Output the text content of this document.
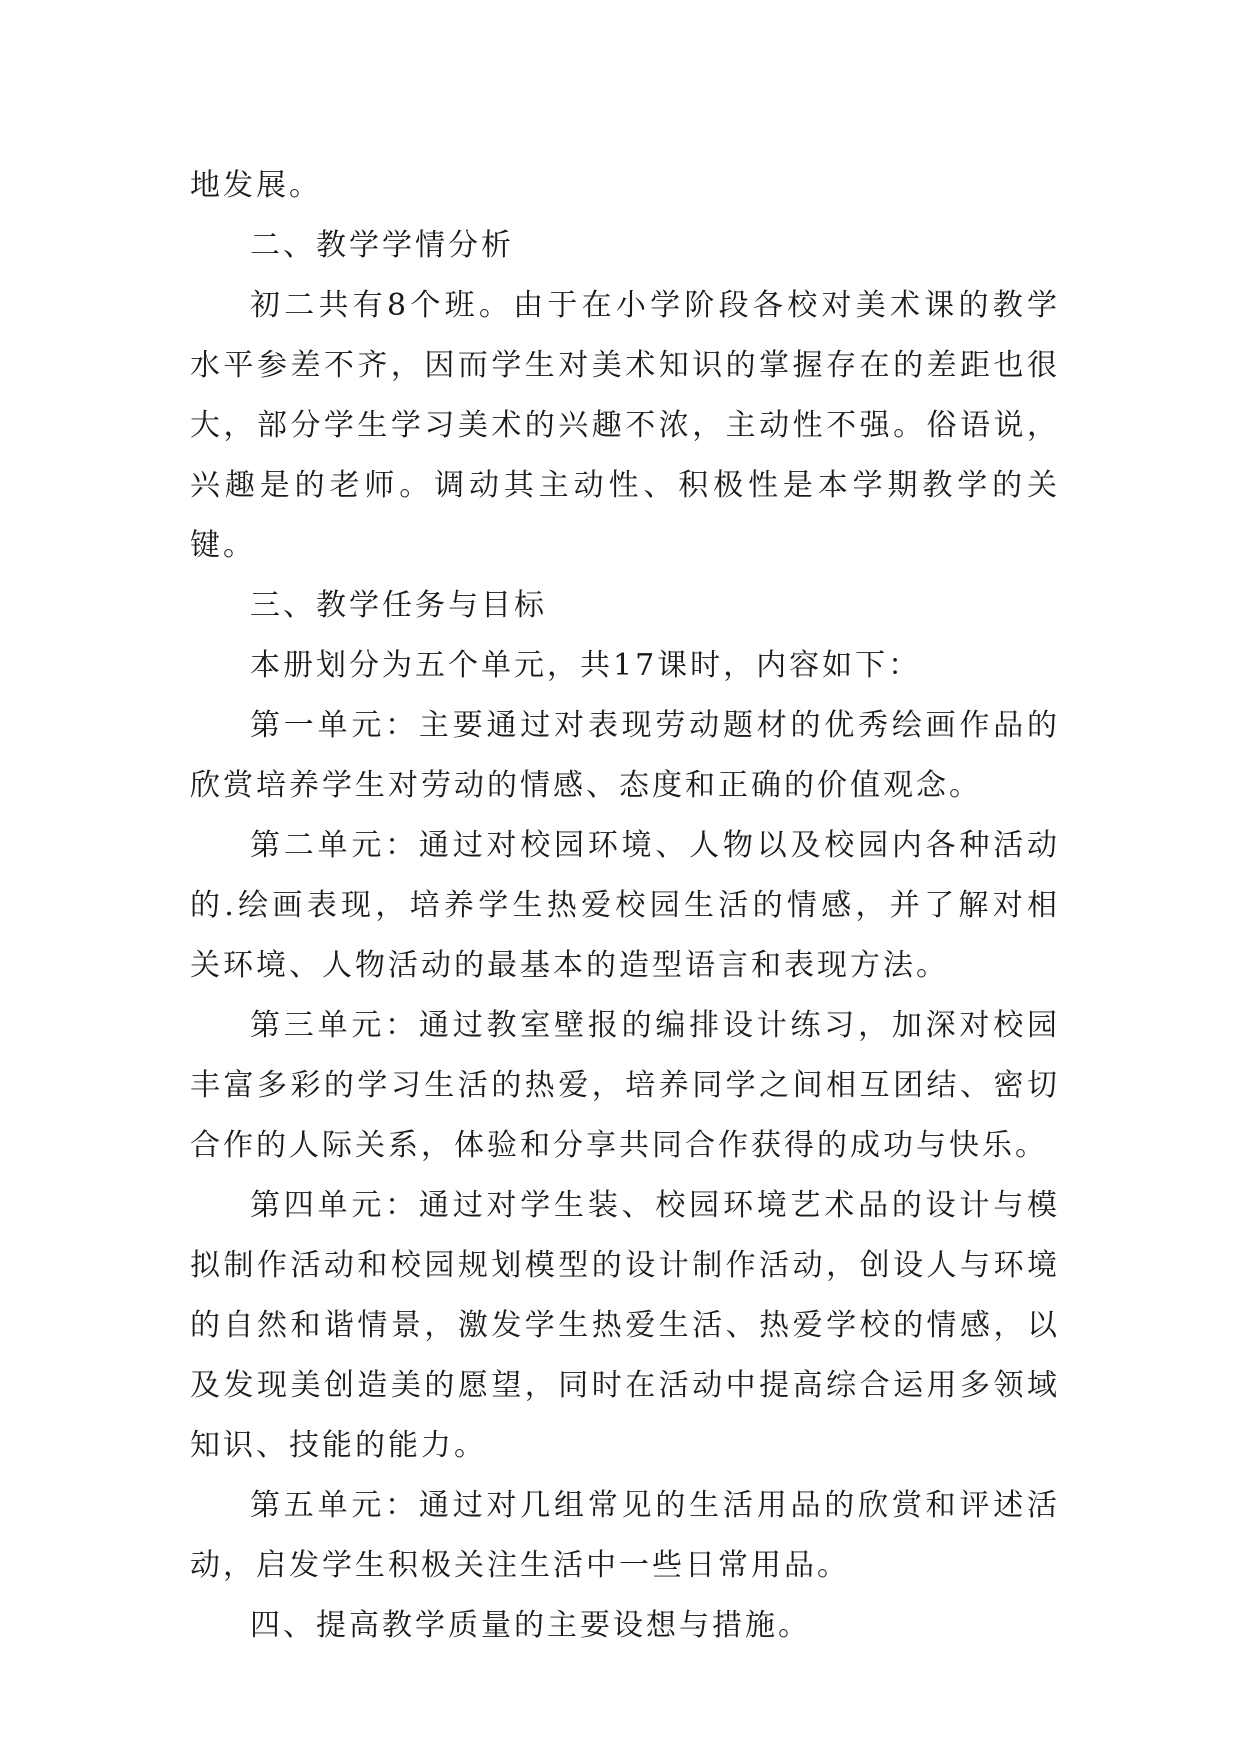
地发展。

二、教学学情分析

初二共有8个班。由于在小学阶段各校对美术课的教学水平参差不齐，因而学生对美术知识的掌握存在的差距也很大，部分学生学习美术的兴趣不浓，主动性不强。俗语说，兴趣是的老师。调动其主动性、积极性是本学期教学的关键。

三、教学任务与目标

本册划分为五个单元，共17课时，内容如下：

第一单元：主要通过对表现劳动题材的优秀绘画作品的欣赏培养学生对劳动的情感、态度和正确的价值观念。

第二单元：通过对校园环境、人物以及校园内各种活动的.绘画表现，培养学生热爱校园生活的情感，并了解对相关环境、人物活动的最基本的造型语言和表现方法。

第三单元：通过教室壁报的编排设计练习，加深对校园丰富多彩的学习生活的热爱，培养同学之间相互团结、密切合作的人际关系，体验和分享共同合作获得的成功与快乐。

第四单元：通过对学生装、校园环境艺术品的设计与模拟制作活动和校园规划模型的设计制作活动，创设人与环境的自然和谐情景，激发学生热爱生活、热爱学校的情感，以及发现美创造美的愿望，同时在活动中提高综合运用多领域知识、技能的能力。

第五单元：通过对几组常见的生活用品的欣赏和评述活动，启发学生积极关注生活中一些日常用品。

四、提高教学质量的主要设想与措施。
